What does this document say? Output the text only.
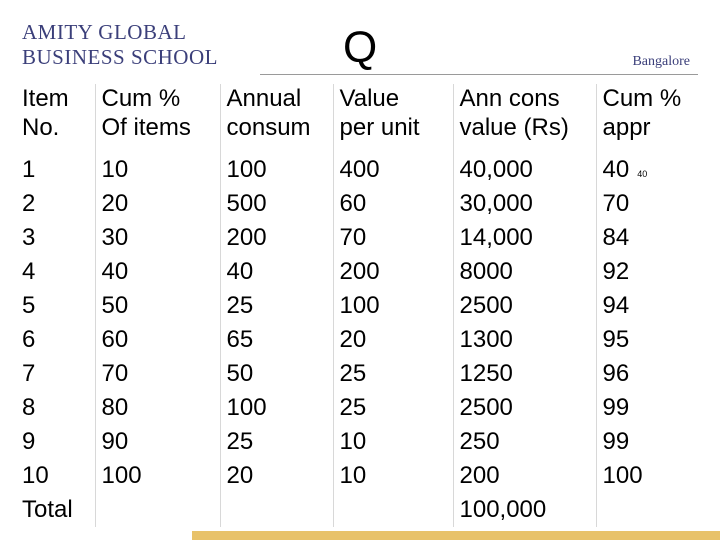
AMITY GLOBAL
BUSINESS SCHOOL	Q	Bangalore
Item	Cum %	Annual	Value	Ann cons	Cum %
No.	Of items	consum	per unit	value (Rs)	appr
1	10	100	400	40,000	40 $^{40}$
2	20	500	60	30,000	70
3	30	200	70	14,000	84
4	40	40	200	8000	92
5	50	25	100	2500	94
6	60	65	20	1300	95
7	70	50	25	1250	96
8	80	100	25	2500	99
9	90	25	10	250	99
10	100	20	10	200	100
Total				100,000	
